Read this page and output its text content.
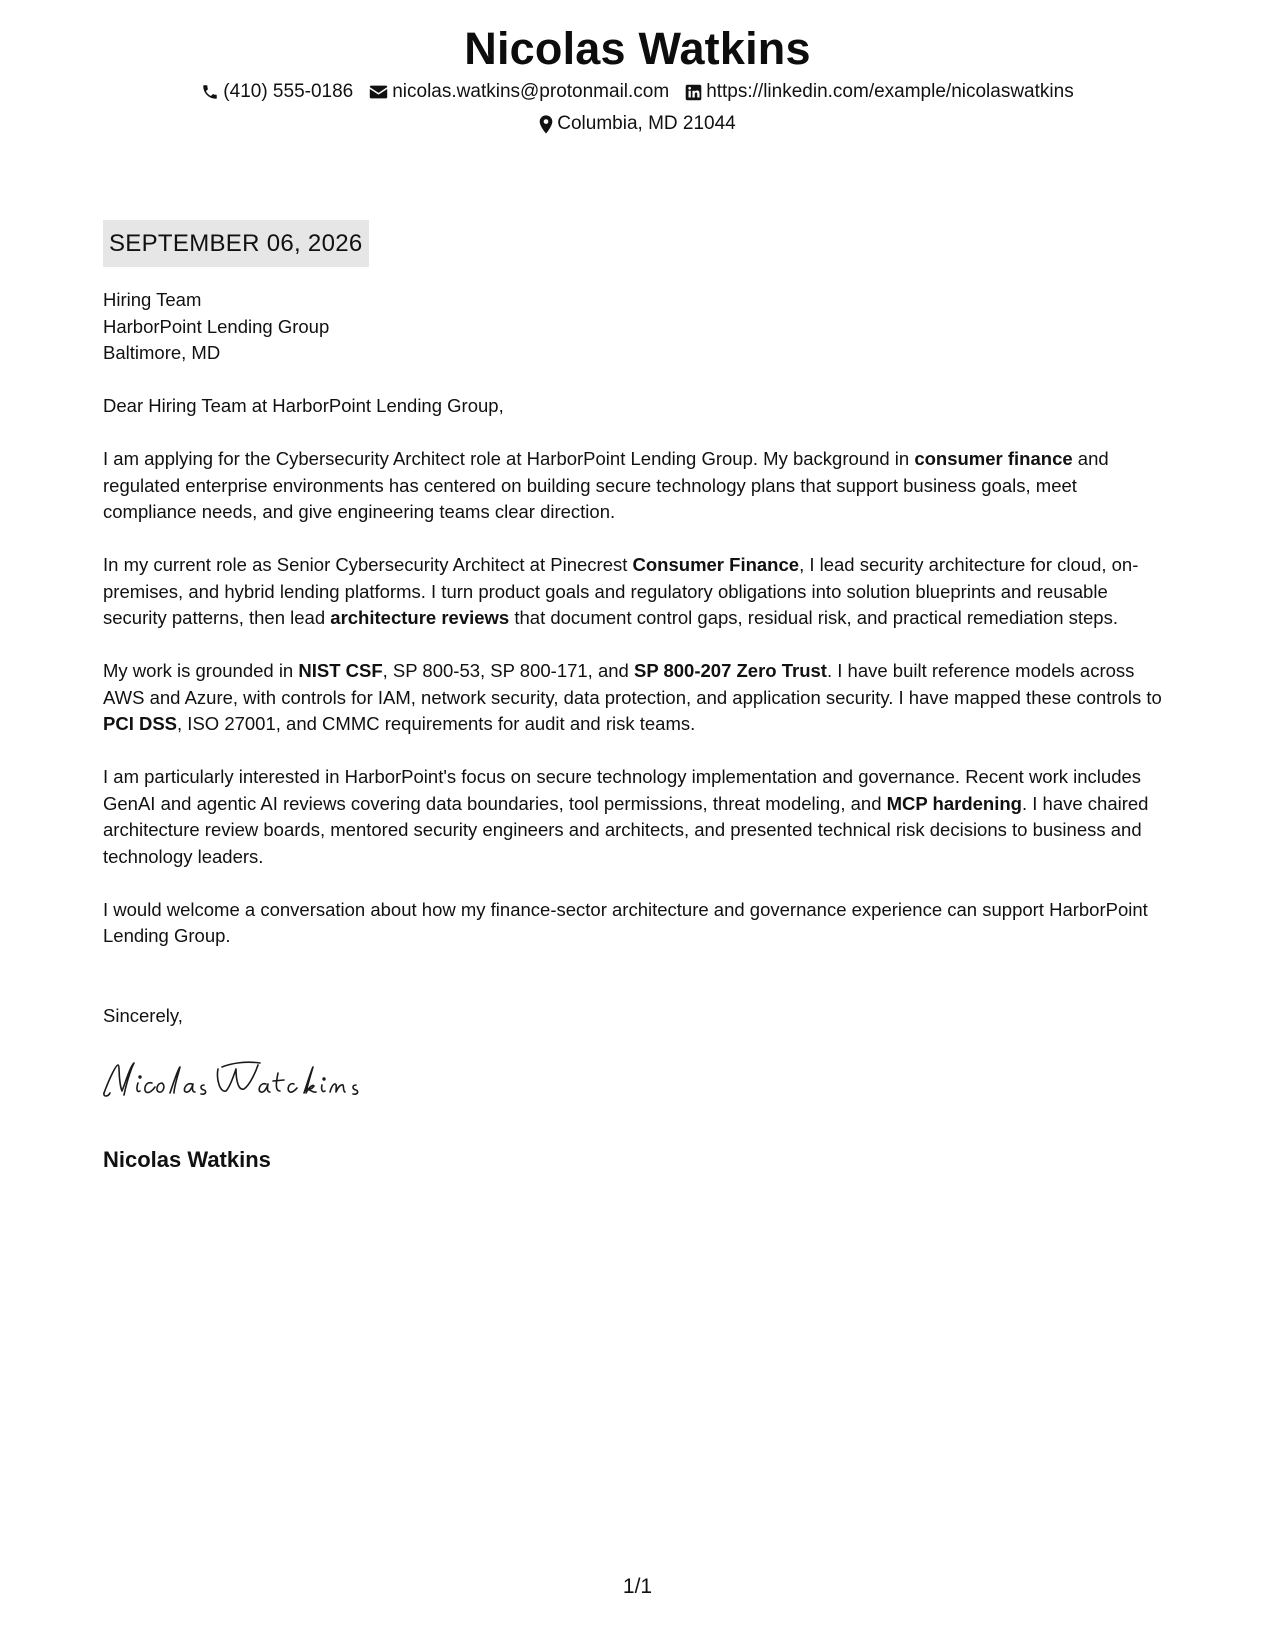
Nicolas Watkins
(410) 555-0186 nicolas.watkins@protonmail.com https://linkedin.com/example/nicolaswatkins
Columbia, MD 21044
SEPTEMBER 06, 2026
Hiring Team
HarborPoint Lending Group
Baltimore, MD

Dear Hiring Team at HarborPoint Lending Group,

I am applying for the Cybersecurity Architect role at HarborPoint Lending Group. My background in consumer finance and regulated enterprise environments has centered on building secure technology plans that support business goals, meet compliance needs, and give engineering teams clear direction.

In my current role as Senior Cybersecurity Architect at Pinecrest Consumer Finance, I lead security architecture for cloud, on-premises, and hybrid lending platforms. I turn product goals and regulatory obligations into solution blueprints and reusable security patterns, then lead architecture reviews that document control gaps, residual risk, and practical remediation steps.

My work is grounded in NIST CSF, SP 800-53, SP 800-171, and SP 800-207 Zero Trust. I have built reference models across AWS and Azure, with controls for IAM, network security, data protection, and application security. I have mapped these controls to PCI DSS, ISO 27001, and CMMC requirements for audit and risk teams.

I am particularly interested in HarborPoint's focus on secure technology implementation and governance. Recent work includes GenAI and agentic AI reviews covering data boundaries, tool permissions, threat modeling, and MCP hardening. I have chaired architecture review boards, mentored security engineers and architects, and presented technical risk decisions to business and technology leaders.

I would welcome a conversation about how my finance-sector architecture and governance experience can support HarborPoint Lending Group.

Sincerely,
Nicolas Watkins
1/1
